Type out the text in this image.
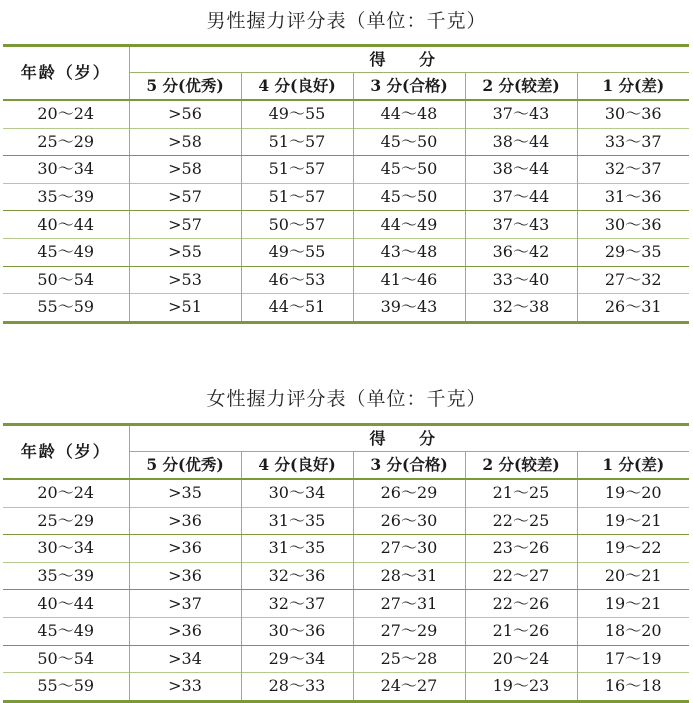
男性握力评分表（单位：千克）
年龄（岁）	得 分				
	5 分(优秀)	4 分(良好)	3 分(合格)	2 分(较差)	1 分(差)
20～24	>56	49～55	44～48	37～43	30～36
25～29	>58	51～57	45～50	38～44	33～37
30～34	>58	51～57	45～50	38～44	32～37
35～39	>57	51～57	45～50	37～44	31～36
40～44	>57	50～57	44～49	37～43	30～36
45～49	>55	49～55	43～48	36～42	29～35
50～54	>53	46～53	41～46	33～40	27～32
55～59	>51	44～51	39～43	32～38	26～31
女性握力评分表（单位：千克）
年龄（岁）	得 分				
	5 分(优秀)	4 分(良好)	3 分(合格)	2 分(较差)	1 分(差)
20～24	>35	30～34	26～29	21～25	19～20
25～29	>36	31～35	26～30	22～25	19～21
30～34	>36	31～35	27～30	23～26	19～22
35～39	>36	32～36	28～31	22～27	20～21
40～44	>37	32～37	27～31	22～26	19～21
45～49	>36	30～36	27～29	21～26	18～20
50～54	>34	29～34	25～28	20～24	17～19
55～59	>33	28～33	24～27	19～23	16～18
